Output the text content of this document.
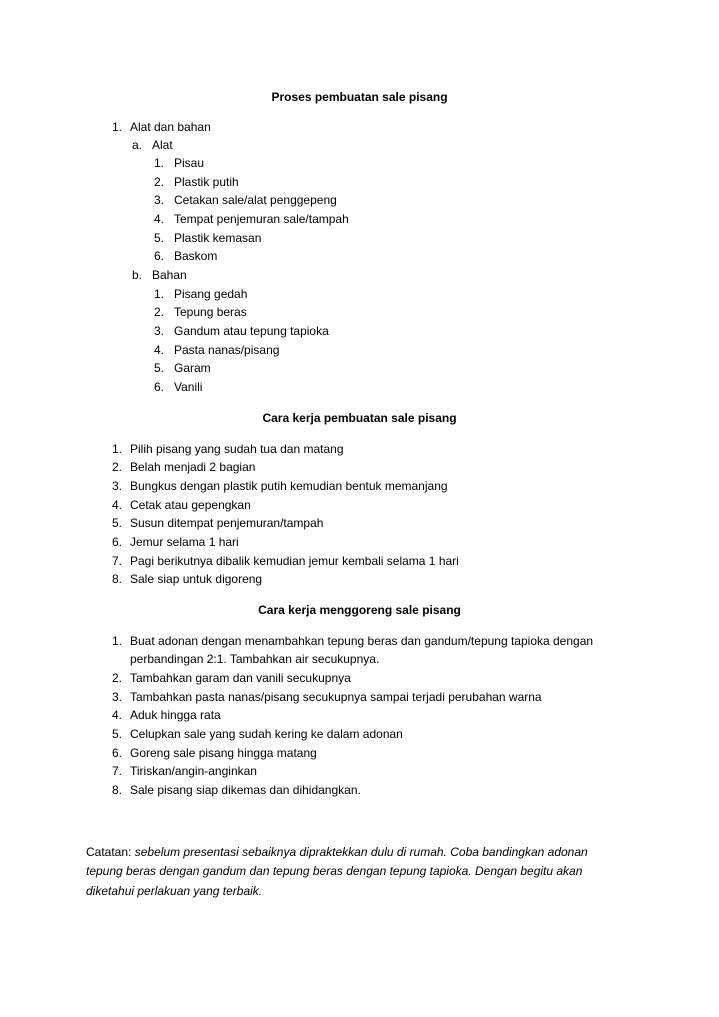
Proses pembuatan sale pisang
1. Alat dan bahan
a. Alat
1. Pisau
2. Plastik putih
3. Cetakan sale/alat penggepeng
4. Tempat penjemuran sale/tampah
5. Plastik kemasan
6. Baskom
b. Bahan
1. Pisang gedah
2. Tepung beras
3. Gandum atau tepung tapioka
4. Pasta nanas/pisang
5. Garam
6. Vanili
Cara kerja pembuatan sale pisang
1. Pilih pisang yang sudah tua dan matang
2. Belah menjadi 2 bagian
3. Bungkus dengan plastik putih kemudian bentuk memanjang
4. Cetak atau gepengkan
5. Susun ditempat penjemuran/tampah
6. Jemur selama 1 hari
7. Pagi berikutnya dibalik kemudian jemur kembali selama 1 hari
8. Sale siap untuk digoreng
Cara kerja menggoreng sale pisang
1. Buat adonan dengan menambahkan tepung beras dan gandum/tepung tapioka dengan
perbandingan 2:1. Tambahkan air secukupnya.
2. Tambahkan garam dan vanili secukupnya
3. Tambahkan pasta nanas/pisang secukupnya sampai terjadi perubahan warna
4. Aduk hingga rata
5. Celupkan sale yang sudah kering ke dalam adonan
6. Goreng sale pisang hingga matang
7. Tiriskan/angin-anginkan
8. Sale pisang siap dikemas dan dihidangkan.
Catatan: sebelum presentasi sebaiknya dipraktekkan dulu di rumah. Coba bandingkan adonan
tepung beras dengan gandum dan tepung beras dengan tepung tapioka. Dengan begitu akan
diketahui perlakuan yang terbaik.
